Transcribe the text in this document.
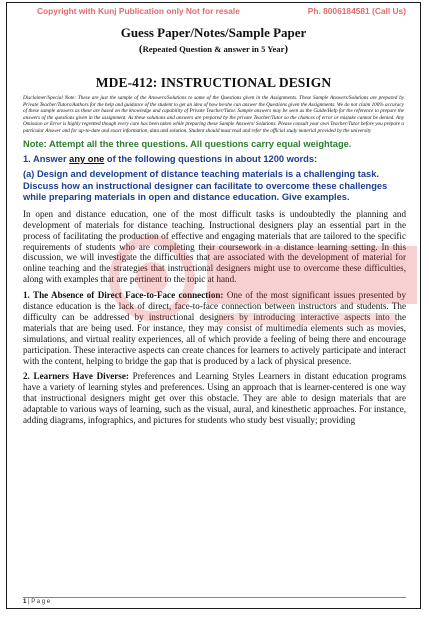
Copyright with Kunj Publication only Not for resale	Ph. 8006184581 (Call Us)
Guess Paper/Notes/Sample Paper
(Repeated Question & answer in 5 Year)
MDE-412: INSTRUCTIONAL DESIGN
Disclaimer/Special Note: These are just the sample of the Answers/Solutions to some of the Questions given in the Assignments. These Sample Answers/Solutions are prepared by Private Teacher/Tutors/Authors for the help and guidance of the student to get an idea of how he/she can answer the Questions given the Assignments. We do not claim 100% accuracy of these sample answers as these are based on the knowledge and capability of Private Teacher/Tutor. Sample answers may be seen as the Guide/Help for the reference to prepare the answers of the questions given in the assignment. As these solutions and answers are prepared by the private Teacher/Tutor so the chances of error or mistake cannot be denied. Any Omission or Error is highly regretted though every care has been taken while preparing these Sample Answers/ Solutions. Please consult your own Teacher/Tutor before you prepare a particular Answer and for up-to-date and exact information, data and solution. Student should must read and refer the official study material provided by the university
Note: Attempt all the three questions. All questions carry equal weightage.
1. Answer any one of the following questions in about 1200 words:
(a) Design and development of distance teaching materials is a challenging task. Discuss how an instructional designer can facilitate to overcome these challenges while preparing materials in open and distance education. Give examples.
In open and distance education, one of the most difficult tasks is undoubtedly the planning and development of materials for distance teaching. Instructional designers play an essential part in the process of facilitating the production of effective and engaging materials that are tailored to the specific requirements of students who are completing their coursework in a distance learning setting. In this discussion, we will investigate the difficulties that are associated with the development of material for online teaching and the strategies that instructional designers might use to overcome these difficulties, along with examples that are pertinent to the topic at hand.
1. The Absence of Direct Face-to-Face connection: One of the most significant issues presented by distance education is the lack of direct, face-to-face connection between instructors and students. The difficulty can be addressed by instructional designers by introducing interactive aspects into the materials that are being used. For instance, they may consist of multimedia elements such as movies, simulations, and virtual reality experiences, all of which provide a feeling of being there and encourage participation. These interactive aspects can create chances for learners to actively participate and interact with the content, helping to bridge the gap that is produced by a lack of physical presence.
2. Learners Have Diverse: Preferences and Learning Styles Learners in distant education programs have a variety of learning styles and preferences. Using an approach that is learner-centered is one way that instructional designers might get over this obstacle. They are able to design materials that are adaptable to various ways of learning, such as the visual, aural, and kinesthetic approaches. For instance, adding diagrams, infographics, and pictures for students who study best visually; providing
1 | P a g e
